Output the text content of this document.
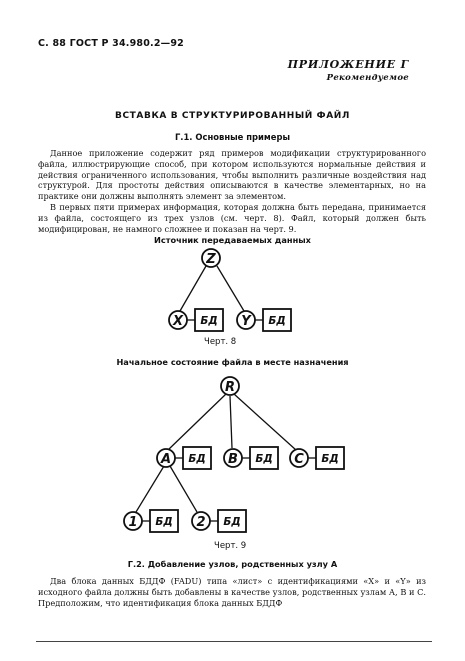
С. 88 ГОСТ Р 34.980.2—92
ПРИЛОЖЕНИЕ Г
Рекомендуемое
ВСТАВКА В СТРУКТУРИРОВАННЫЙ ФАЙЛ
Г.1. Основные примеры
Данное приложение содержит ряд примеров модификации структурированного файла, иллюстрирующие способ, при котором используются нормальные действия и действия ограниченного использования, чтобы выполнить различные воздействия над структурой. Для простоты действия описываются в качестве элементарных, но на практике они должны выполнять элемент за элементом.
В первых пяти примерах информация, которая должна быть передана, принимается из файла, состоящего из трех узлов (см. черт. 8). Файл, который должен быть модифицирован, не намного сложнее и показан на черт. 9.
Источник передаваемых данных
Z
X БД Y БД
R
A БД B БД C БД
1 БД 2 БД
Черт. 8
Начальное состояние файла в месте назначения
Черт. 9
Г.2. Добавление узлов, родственных узлу А
Два блока данных БДДФ (FADU) типа «лист» с идентификациями «X» и «Y» из исходного файла должны быть добавлены в качестве узлов, родственных узлам А, В и С. Предположим, что идентификация блока данных БДДФ
